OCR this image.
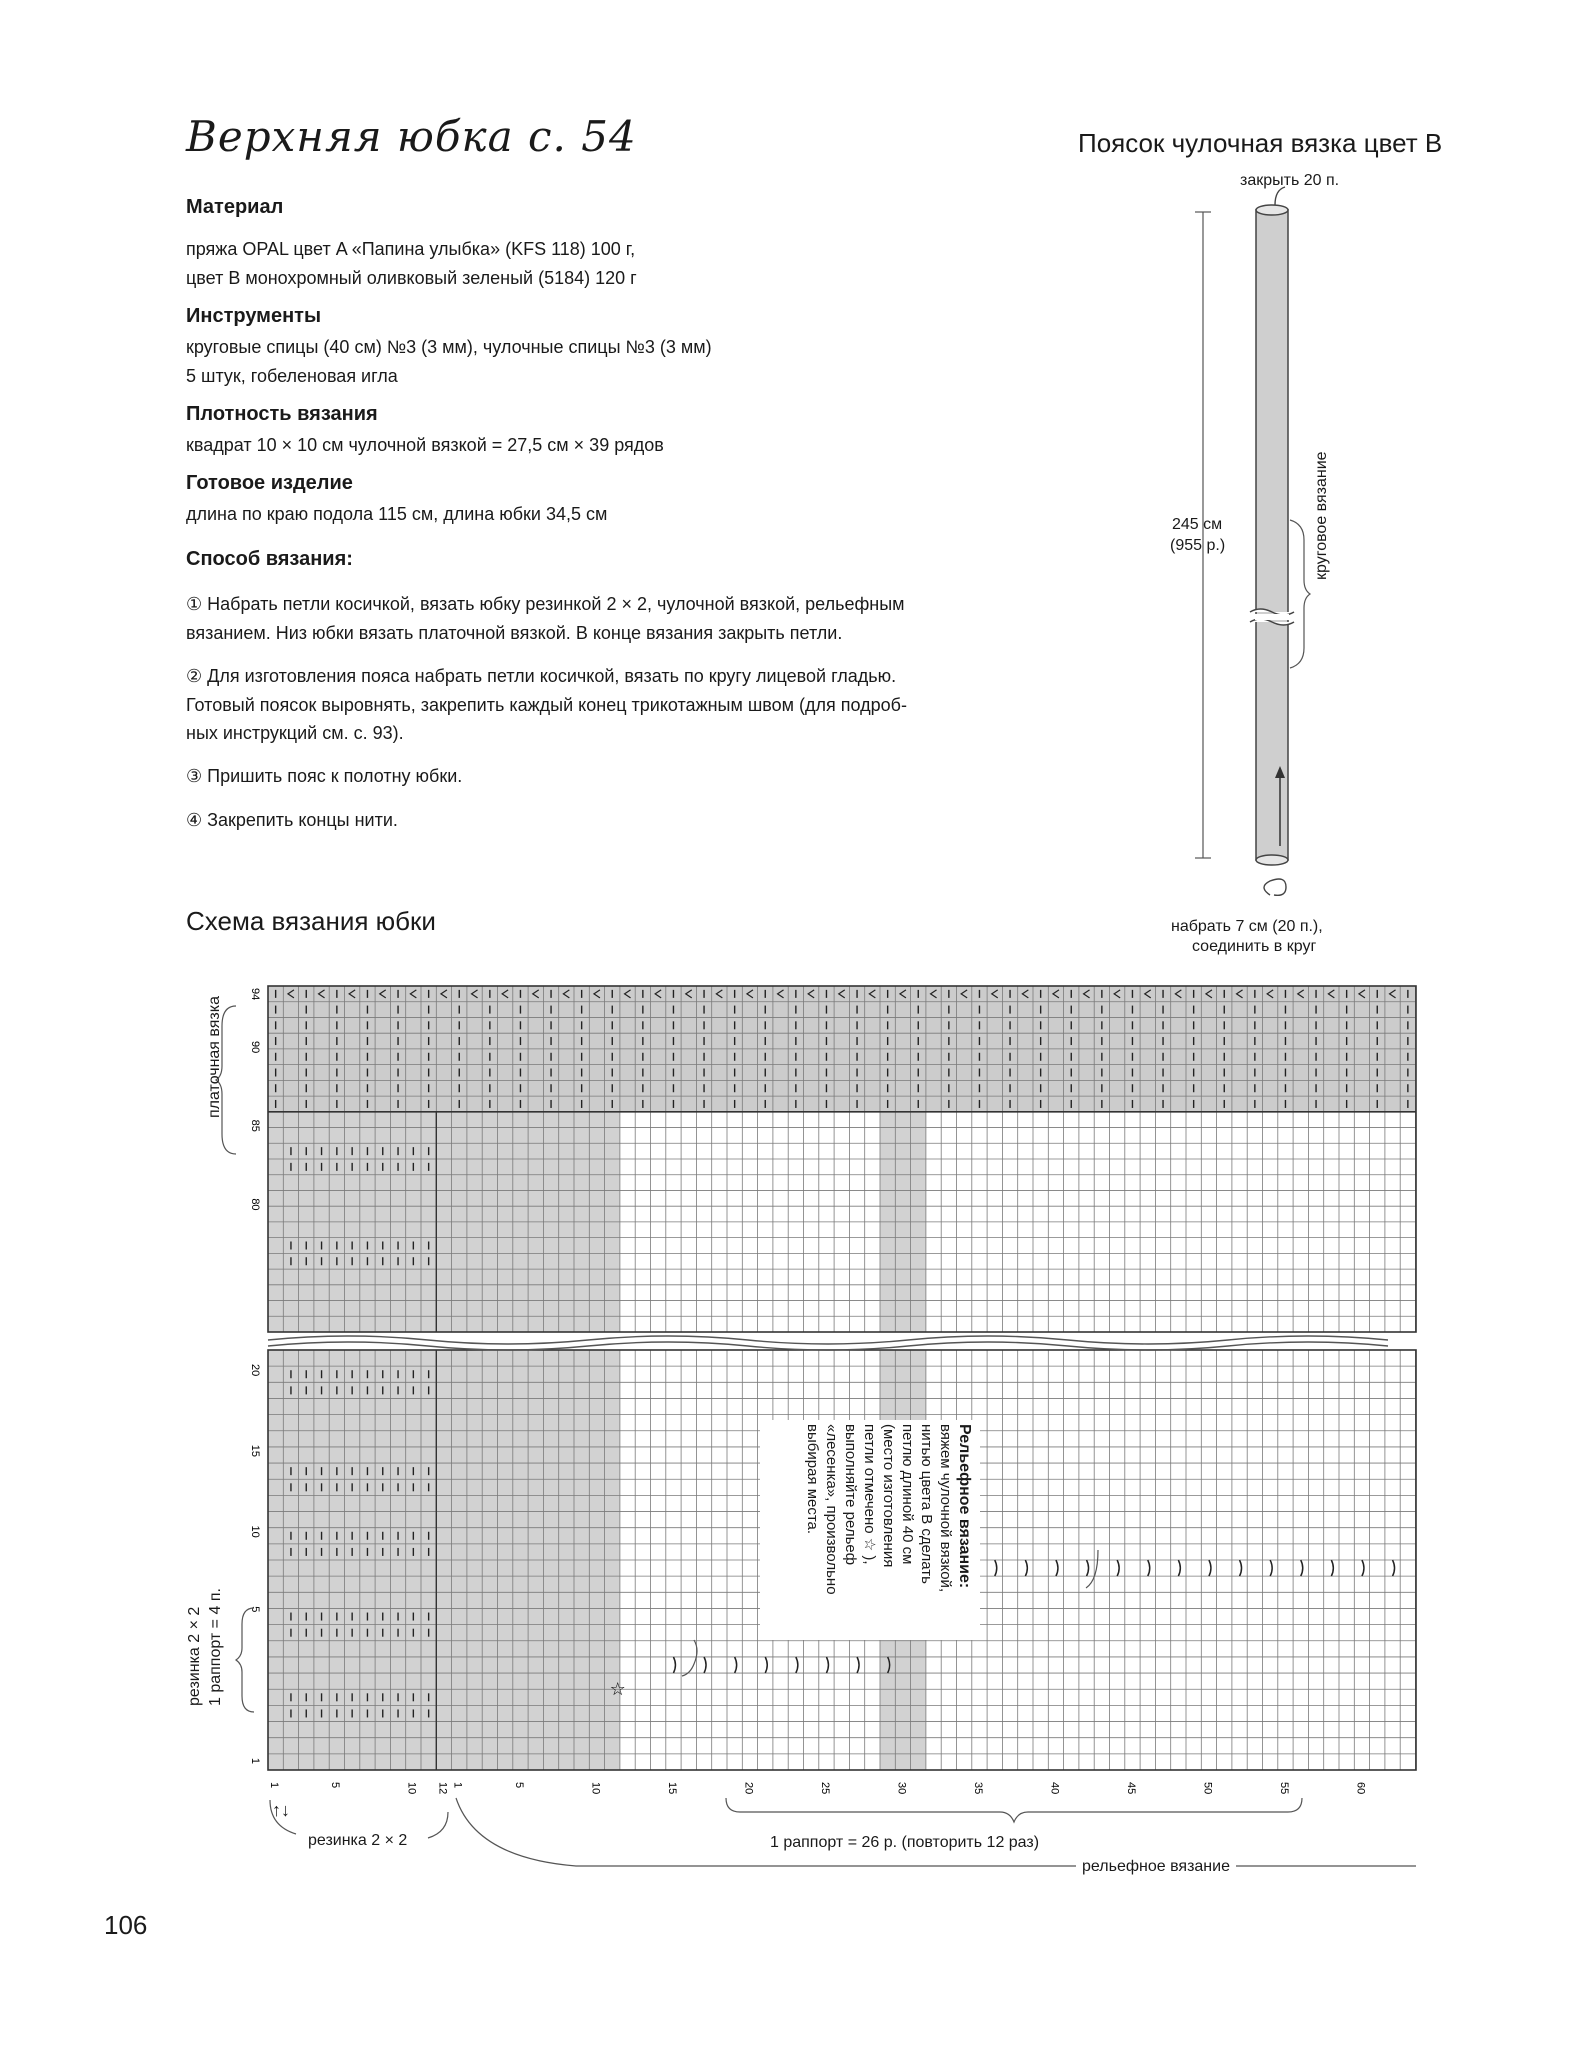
Верхняя юбка с. 54
Материал
пряжа OPAL цвет A «Папина улыбка» (KFS 118) 100 г,
цвет B монохромный оливковый зеленый (5184) 120 г
Инструменты
круговые спицы (40 см) №3 (3 мм), чулочные спицы №3 (3 мм)
5 штук, гобеленовая игла
Плотность вязания
квадрат 10 × 10 см чулочной вязкой = 27,5 см × 39 рядов
Готовое изделие
длина по краю подола 115 см, длина юбки 34,5 см
Способ вязания:
① Набрать петли косичкой, вязать юбку резинкой 2 × 2, чулочной вязкой, рельефным
вязанием. Низ юбки вязать платочной вязкой. В конце вязания закрыть петли.
② Для изготовления пояса набрать петли косичкой, вязать по кругу лицевой гладью.
Готовый поясок выровнять, закрепить каждый конец трикотажным швом (для подроб-
ных инструкций см. с. 93).
③ Пришить пояс к полотну юбки.
④ Закрепить концы нити.
Поясок чулочная вязка цвет B
закрыть 20 п.
245 см
(955 р.)	круговое вязание
набрать 7 см (20 п.),
соединить в круг
Схема вязания юбки
☆
94
90
85
80
20
15
10
5
1
1	5	10 12 1	5	10	15	20	25	30	35	40	45	50	55	60
платочная вязка
резинка 2 × 2 1 раппорт = 4 п.
Рельефное вязание:
вяжем чулочной вязкой,
нитью цвета B сделать
петлю длиной 40 см
(место изготовления
петли отмечено ☆ ),
выполняйте рельеф
«лесенка», произвольно
выбирая места.
↑↓
резинка 2 × 2	1 раппорт = 26 р. (повторить 12 раз)
рельефное вязание
106
